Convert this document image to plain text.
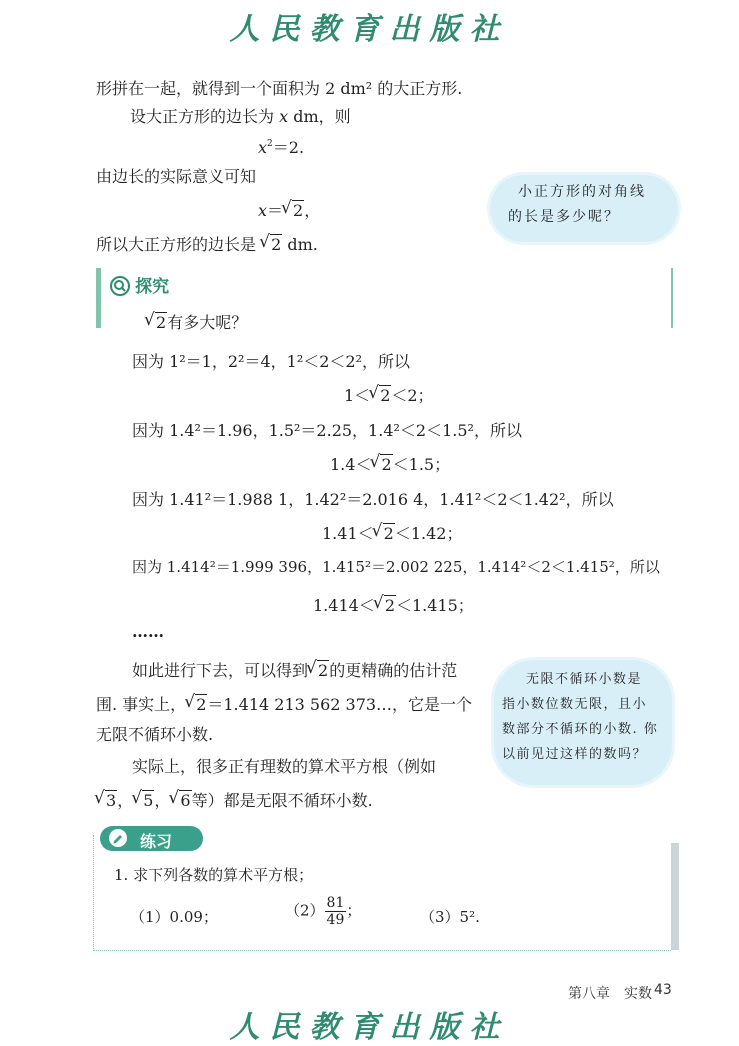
人民教育出版社
形拼在一起，就得到一个面积为 2 dm² 的大正方形.
设大正方形的边长为 x dm，则
$x^2=2$.
由边长的实际意义可知
x＝ √ 2，
所以大正方形的边长是 √ 2 dm.
小正方形的对角线
的长是多少呢？
探究
√ 2有多大呢？
因为 1²＝1，2²＝4，1²＜2＜2²，所以
1＜ √ 2＜2；
因为 1.4²＝1.96，1.5²＝2.25，1.4²＜2＜1.5²，所以
1.4＜ √ 2＜1.5；
因为 1.41²＝1.988 1，1.42²＝2.016 4，1.41²＜2＜1.42²，所以
1.41＜ √ 2＜1.42；
因为 1.414²＝1.999 396，1.415²＝2.002 225，1.414²＜2＜1.415²，所以
1.414＜ √ 2＜1.415；
……
如此进行下去，可以得到 √ 2的更精确的估计范
围. 事实上， √ 2＝1.414 213 562 373…，它是一个
无限不循环小数.
实际上，很多正有理数的算术平方根（例如
√ 3， √ 5， √ 6等）都是无限不循环小数.
无限不循环小数是
指小数位数无限，且小
数部分不循环的小数. 你
以前见过这样的数吗？
练习
1. 求下列各数的算术平方根；
（1）0.09；	$(2) \frac{81}{49}$ ；	（3）5².
第八章　实数 43
人民教育出版社
